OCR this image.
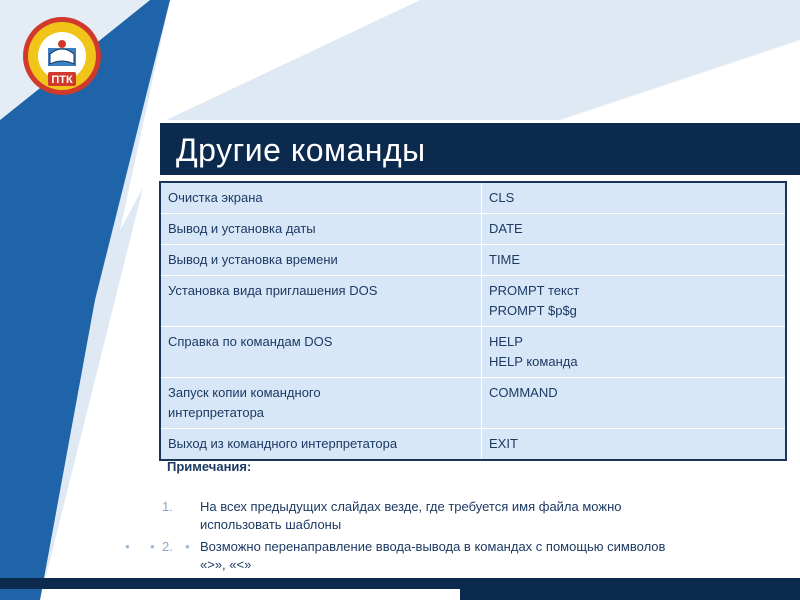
ПТК
Другие команды
Очистка экрана	CLS

Вывод и установка даты	DATE

Вывод и установка времени	TIME

Установка вида приглашения DOS	PROMPT текст
PROMPT $p$g

Справка по командам DOS	HELP
HELP команда

Запуск копии командного
интерпретатора	COMMAND

Выход из командного интерпретатора	EXIT
Примечания:
1. На всех предыдущих слайдах везде, где требуется имя файла можно
использовать шаблоны
2. Возможно перенаправление ввода-вывода в командах с помощью символов
«>», «<»
●	●	●
